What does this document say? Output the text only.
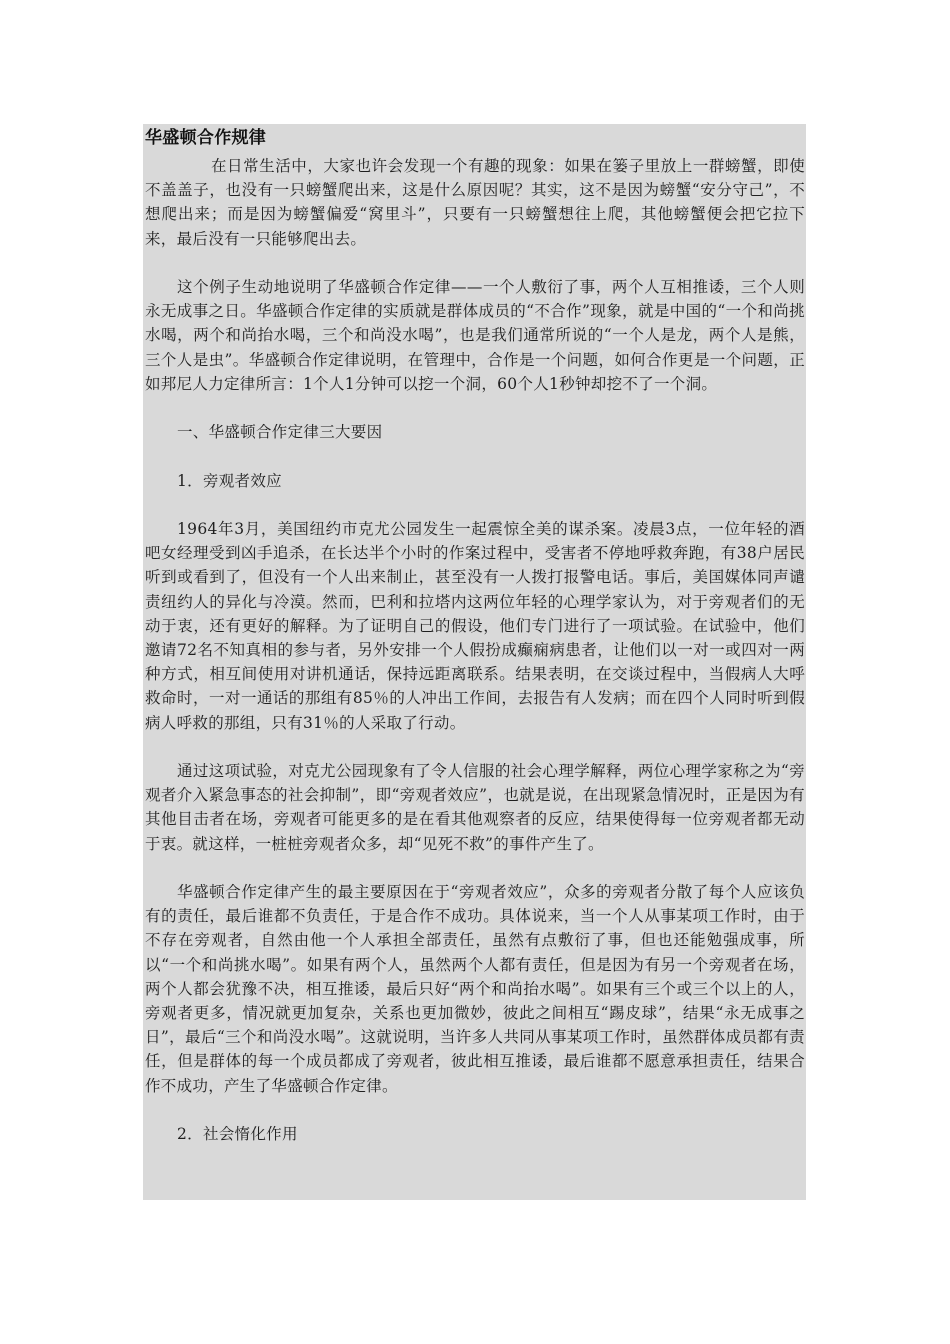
华盛顿合作规律

在日常生活中，大家也许会发现一个有趣的现象：如果在篓子里放上一群螃蟹，即使不盖盖子，也没有一只螃蟹爬出来，这是什么原因呢？其实，这不是因为螃蟹“安分守己”，不想爬出来；而是因为螃蟹偏爱“窝里斗”，只要有一只螃蟹想往上爬，其他螃蟹便会把它拉下来，最后没有一只能够爬出去。

这个例子生动地说明了华盛顿合作定律——一个人敷衍了事，两个人互相推诿，三个人则永无成事之日。华盛顿合作定律的实质就是群体成员的“不合作”现象，就是中国的“一个和尚挑水喝，两个和尚抬水喝，三个和尚没水喝”，也是我们通常所说的“一个人是龙，两个人是熊，三个人是虫”。华盛顿合作定律说明，在管理中，合作是一个问题，如何合作更是一个问题，正如邦尼人力定律所言：1个人1分钟可以挖一个洞，60个人1秒钟却挖不了一个洞。

一、华盛顿合作定律三大要因

1．旁观者效应

1964年3月，美国纽约市克尤公园发生一起震惊全美的谋杀案。凌晨3点，一位年轻的酒吧女经理受到凶手追杀，在长达半个小时的作案过程中，受害者不停地呼救奔跑，有38户居民听到或看到了，但没有一个人出来制止，甚至没有一人拨打报警电话。事后，美国媒体同声谴责纽约人的异化与冷漠。然而，巴利和拉塔内这两位年轻的心理学家认为，对于旁观者们的无动于衷，还有更好的解释。为了证明自己的假设，他们专门进行了一项试验。在试验中，他们邀请72名不知真相的参与者，另外安排一个人假扮成癫痫病患者，让他们以一对一或四对一两种方式，相互间使用对讲机通话，保持远距离联系。结果表明，在交谈过程中，当假病人大呼救命时，一对一通话的那组有85％的人冲出工作间，去报告有人发病；而在四个人同时听到假病人呼救的那组，只有31％的人采取了行动。

通过这项试验，对克尤公园现象有了令人信服的社会心理学解释，两位心理学家称之为“旁观者介入紧急事态的社会抑制”，即“旁观者效应”，也就是说，在出现紧急情况时，正是因为有其他目击者在场，旁观者可能更多的是在看其他观察者的反应，结果使得每一位旁观者都无动于衷。就这样，一桩桩旁观者众多，却“见死不救”的事件产生了。

华盛顿合作定律产生的最主要原因在于“旁观者效应”，众多的旁观者分散了每个人应该负有的责任，最后谁都不负责任，于是合作不成功。具体说来，当一个人从事某项工作时，由于不存在旁观者，自然由他一个人承担全部责任，虽然有点敷衍了事，但也还能勉强成事，所以“一个和尚挑水喝”。如果有两个人，虽然两个人都有责任，但是因为有另一个旁观者在场，两个人都会犹豫不决，相互推诿，最后只好“两个和尚抬水喝”。如果有三个或三个以上的人，旁观者更多，情况就更加复杂，关系也更加微妙，彼此之间相互“踢皮球”，结果“永无成事之日”，最后“三个和尚没水喝”。这就说明，当许多人共同从事某项工作时，虽然群体成员都有责任，但是群体的每一个成员都成了旁观者，彼此相互推诿，最后谁都不愿意承担责任，结果合作不成功，产生了华盛顿合作定律。

2．社会惰化作用
